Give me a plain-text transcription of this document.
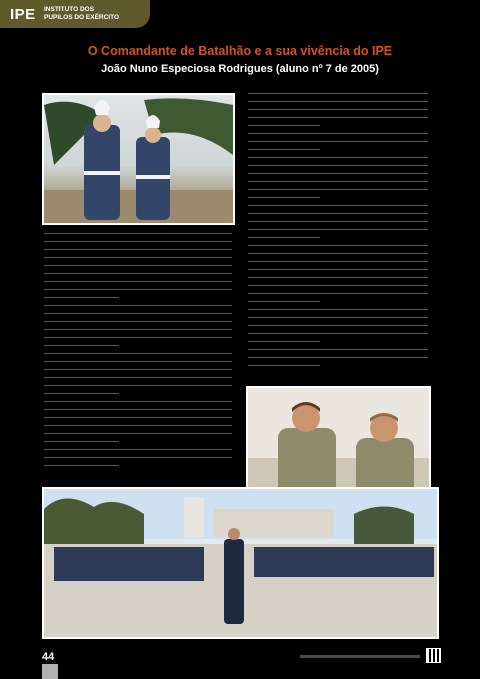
IPE INSTITUTO DOS
PUPILOS DO EXÉRCITO
O Comandante de Batalhão e a sua vivência do IPE
João Nuno Especiosa Rodrigues (aluno nº 7 de 2005)
44
